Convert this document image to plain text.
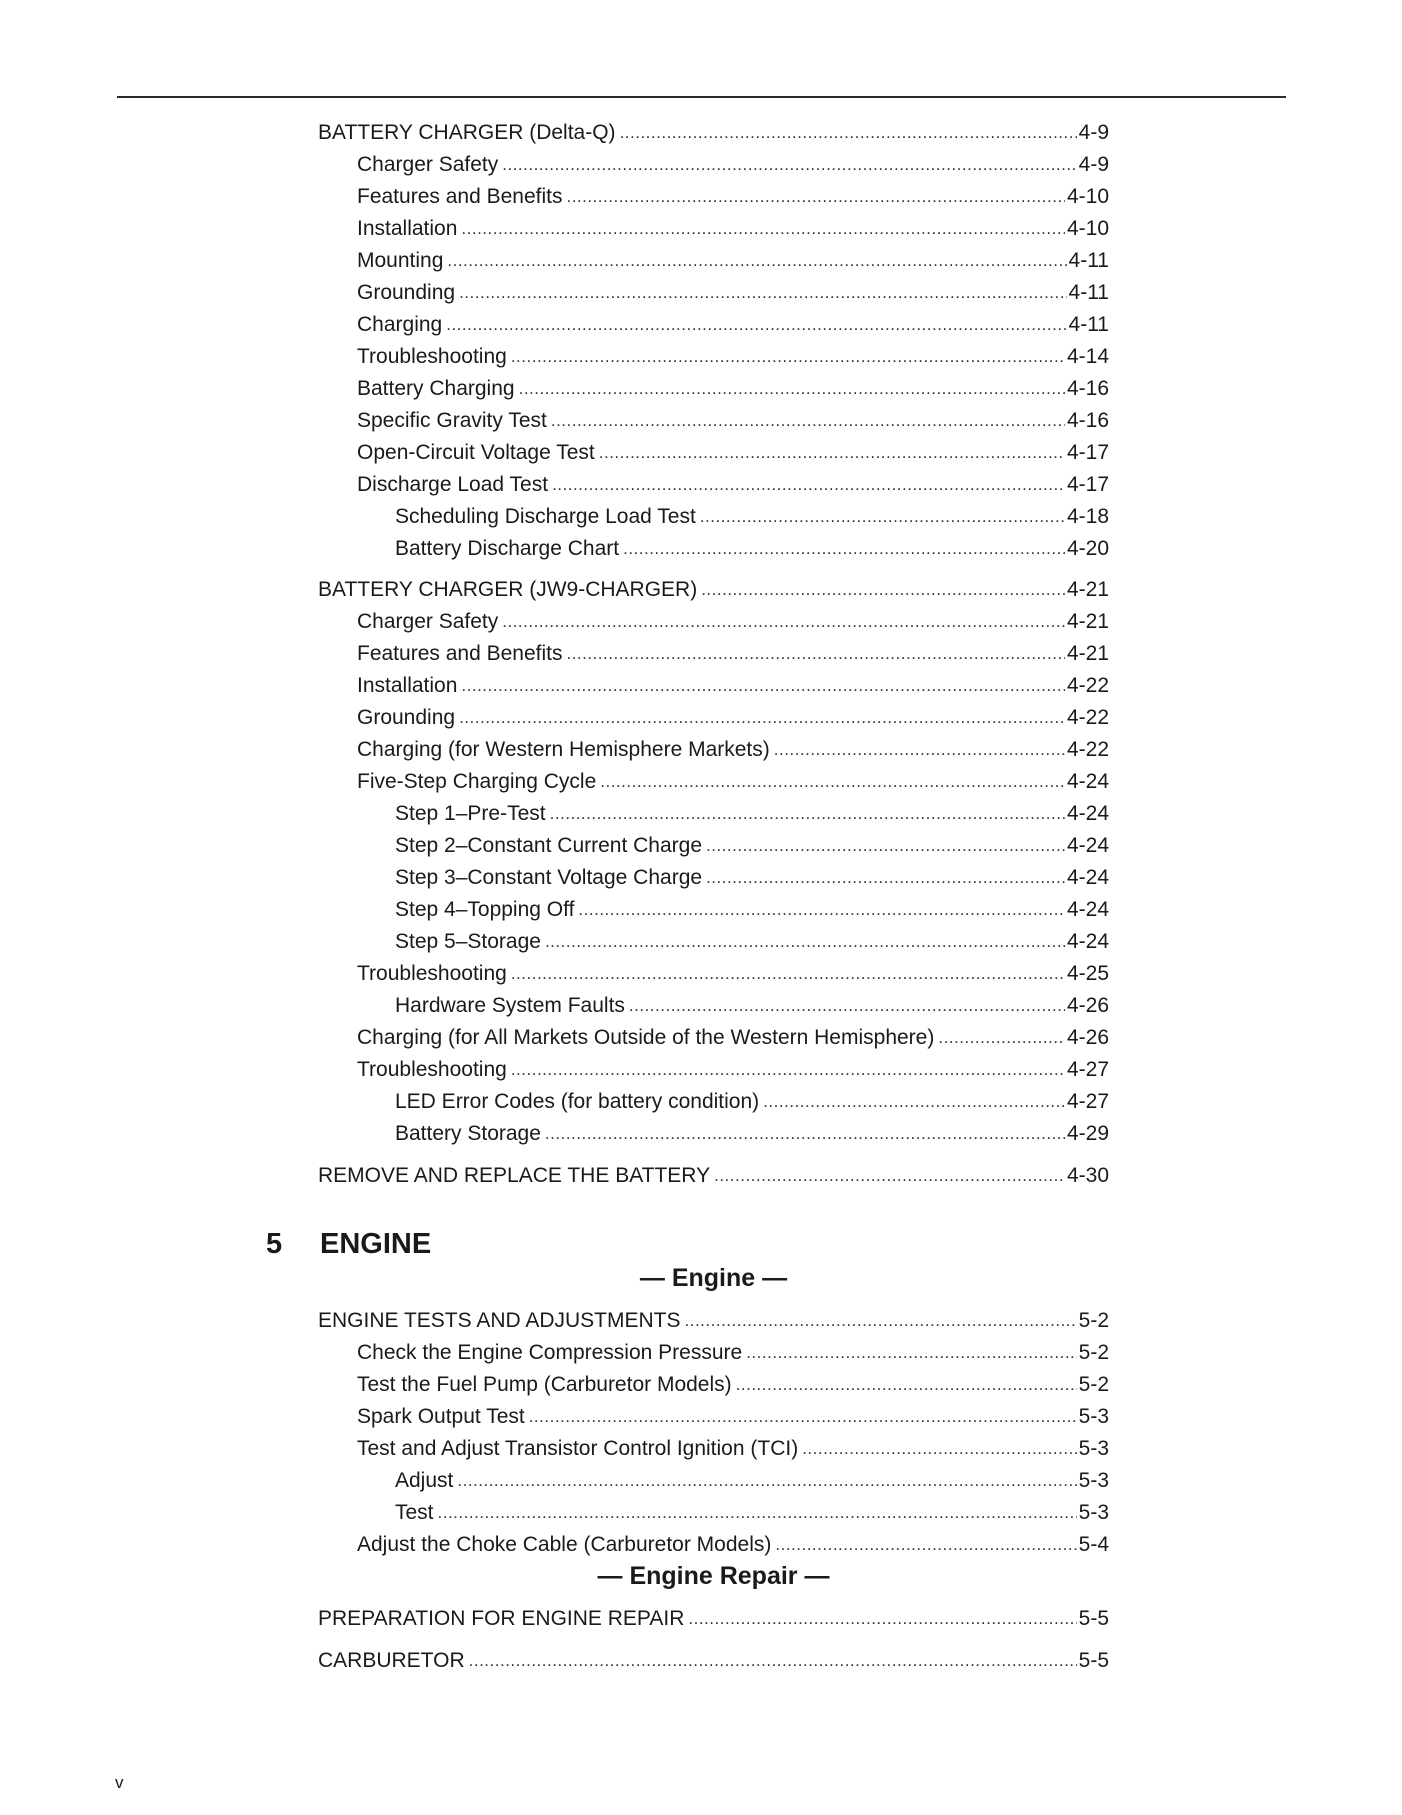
BATTERY CHARGER (Delta-Q) .....	4-9
Charger Safety .....	4-9
Features and Benefits .....	4-10
Installation .....	4-10
Mounting .....	4-11
Grounding .....	4-11
Charging .....	4-11
Troubleshooting .....	4-14
Battery Charging .....	4-16
Specific Gravity Test .....	4-16
Open-Circuit Voltage Test .....	4-17
Discharge Load Test .....	4-17
Scheduling Discharge Load Test .....	4-18
Battery Discharge Chart .....	4-20
BATTERY CHARGER (JW9-CHARGER) .....	4-21
Charger Safety .....	4-21
Features and Benefits .....	4-21
Installation .....	4-22
Grounding .....	4-22
Charging (for Western Hemisphere Markets) .....	4-22
Five-Step Charging Cycle .....	4-24
Step 1–Pre-Test .....	4-24
Step 2–Constant Current Charge .....	4-24
Step 3–Constant Voltage Charge .....	4-24
Step 4–Topping Off .....	4-24
Step 5–Storage .....	4-24
Troubleshooting .....	4-25
Hardware System Faults .....	4-26
Charging (for All Markets Outside of the Western Hemisphere) .....	4-26
Troubleshooting .....	4-27
LED Error Codes (for battery condition) .....	4-27
Battery Storage .....	4-29
REMOVE AND REPLACE THE BATTERY .....	4-30
ENGINE TESTS AND ADJUSTMENTS .....	5-2
Check the Engine Compression Pressure .....	5-2
Test the Fuel Pump (Carburetor Models) .....	5-2
Spark Output Test .....	5-3
Test and Adjust Transistor Control Ignition (TCI) .....	5-3
Adjust .....	5-3
Test .....	5-3
Adjust the Choke Cable (Carburetor Models) .....	5-4
PREPARATION FOR ENGINE REPAIR .....	5-5
CARBURETOR .....	5-5
5	ENGINE
— Engine —
— Engine Repair —
v
